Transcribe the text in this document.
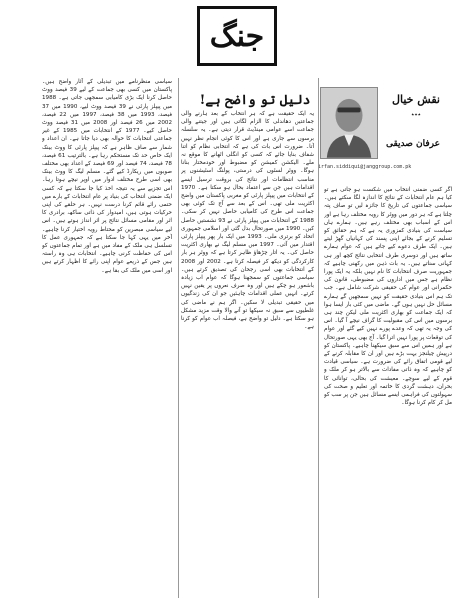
جنگ
دلیل تو واضح ہے!	نقش خیال
٭٭٭
عرفان صدیقی
irfan.siddiqui@janggroup.com.pk
اگر کسی ضمنی انتخاب میں شکست ہو جاتی ہے تو کیا ہم عام انتخابات کے نتائج کا اندازہ لگا سکتے ہیں۔ سیاسی جماعتوں کی تاریخ کا جائزہ لیں تو صاف پتہ چلتا ہے کہ ہر دور میں ووٹر کا رویہ مختلف رہا ہے اور اس کے اسباب بھی مختلف رہے ہیں۔ ہمارے ہاں سیاست کی بنیادی کمزوری یہ ہے کہ ہم حقائق کو تسلیم کرنے کے بجائے اپنی پسند کی کہانیاں گھڑ لیتے ہیں۔ ایک طرف دعوے کیے جاتے ہیں کہ عوام ہمارے ساتھ ہیں اور دوسری طرف انتخابی نتائج کچھ اور ہی کہانی سناتے ہیں۔ یہ بات ذہن میں رکھنی چاہیے کہ جمہوریت صرف انتخابات کا نام نہیں بلکہ یہ ایک پورا نظام ہے جس میں اداروں کی مضبوطی، قانون کی حکمرانی اور عوام کی حقیقی شرکت شامل ہے۔ جب تک ہم اس بنیادی حقیقت کو نہیں سمجھیں گے ہمارے مسائل حل نہیں ہوں گے۔ ماضی میں کئی بار ایسا ہوا کہ ایک جماعت کو بھاری اکثریت ملی لیکن چند ہی برسوں میں اس کی مقبولیت کا گراف نیچے آ گیا۔ اس کی وجہ یہ تھی کہ وعدے پورے نہیں کیے گئے اور عوام کی توقعات پر پورا نہیں اترا گیا۔ آج بھی یہی صورتحال ہے اور ہمیں اس سے سبق سیکھنا چاہیے۔ پاکستان کو درپیش چیلنجز بہت بڑے ہیں اور ان کا مقابلہ کرنے کے لیے قومی اتفاق رائے کی ضرورت ہے۔ سیاسی قیادت کو چاہیے کہ وہ ذاتی مفادات سے بالاتر ہو کر ملک و قوم کے لیے سوچے۔ معیشت کی بحالی، توانائی کا بحران، دہشت گردی کا خاتمہ اور تعلیم و صحت کی سہولتوں کی فراہمی ایسے مسائل ہیں جن پر سب کو مل کر کام کرنا ہوگا۔
یہ ایک حقیقت ہے کہ ہر انتخاب کے بعد ہارنے والی جماعتیں دھاندلی کا الزام لگاتی ہیں اور جیتنے والی جماعت اسے عوامی مینڈیٹ قرار دیتی ہے۔ یہ سلسلہ برسوں سے جاری ہے اور اس کا کوئی انجام نظر نہیں آتا۔ ضرورت اس بات کی ہے کہ انتخابی نظام کو اتنا شفاف بنایا جائے کہ کسی کو انگلی اٹھانے کا موقع نہ ملے۔ الیکشن کمیشن کو مضبوط اور خودمختار بنانا ہوگا۔ ووٹر لسٹوں کی درستی، پولنگ اسٹیشنوں پر مناسب انتظامات اور نتائج کی بروقت ترسیل ایسے اقدامات ہیں جن سے اعتماد بحال ہو سکتا ہے۔ 1970 کے انتخابات میں پیپلز پارٹی کو مغربی پاکستان میں واضح اکثریت ملی تھی۔ اس کے بعد سے آج تک کوئی بھی جماعت اس طرح کی کامیابی حاصل نہیں کر سکی۔ 1988 کے انتخابات میں پیپلز پارٹی نے 93 نشستیں حاصل کیں۔ 1990 میں صورتحال بدل گئی اور اسلامی جمہوری اتحاد کو برتری ملی۔ 1993 میں ایک بار پھر پیپلز پارٹی اقتدار میں آئی۔ 1997 میں مسلم لیگ نے بھاری اکثریت حاصل کی۔ یہ اتار چڑھاؤ ظاہر کرتا ہے کہ ووٹر ہر بار کارکردگی کو دیکھ کر فیصلہ کرتا ہے۔ 2002 اور 2008 کے انتخابات بھی اسی رجحان کی تصدیق کرتے ہیں۔ سیاسی جماعتوں کو سمجھنا ہوگا کہ عوام اب زیادہ باشعور ہو چکے ہیں اور وہ صرف نعروں پر یقین نہیں کرتے۔ انہیں عملی اقدامات چاہئیں جو ان کی زندگیوں میں حقیقی تبدیلی لا سکیں۔ اگر ہم نے ماضی کی غلطیوں سے سبق نہ سیکھا تو آنے والا وقت مزید مشکل ہو سکتا ہے۔ دلیل تو واضح ہے، فیصلہ اب عوام کو کرنا ہے۔
سیاسی منظرنامے میں تبدیلی کے آثار واضح ہیں۔ پاکستان میں کسی بھی جماعت کے لیے 39 فیصد ووٹ حاصل کرنا ایک بڑی کامیابی سمجھی جاتی ہے۔ 1988 میں پیپلز پارٹی نے 39 فیصد ووٹ لیے، 1990 میں 37 فیصد، 1993 میں 38 فیصد، 1997 میں 22 فیصد، 2002 میں 26 فیصد اور 2008 میں 31 فیصد ووٹ حاصل کیے۔ 1977 کے انتخابات میں 1985 کے غیر جماعتی انتخابات کا حوالہ بھی دیا جاتا ہے۔ ان اعداد و شمار سے صاف ظاہر ہے کہ پیپلز پارٹی کا ووٹ بینک ایک خاص حد تک مستحکم رہا ہے۔ بالترتیب 61 فیصد، 78 فیصد، 74 فیصد اور 69 فیصد کے اعداد بھی مختلف صوبوں میں ریکارڈ کیے گئے۔ مسلم لیگ کا ووٹ بینک بھی اسی طرح مختلف ادوار میں اوپر نیچے ہوتا رہا۔ اس تجزیے سے یہ نتیجہ اخذ کیا جا سکتا ہے کہ کسی ایک ضمنی انتخاب کی بنیاد پر عام انتخابات کے بارے میں حتمی رائے قائم کرنا درست نہیں۔ ہر حلقے کی اپنی حرکیات ہوتی ہیں، امیدوار کی ذاتی ساکھ، برادری کا اثر اور مقامی مسائل نتائج پر اثر انداز ہوتے ہیں۔ اس لیے سیاسی مبصرین کو محتاط رویہ اختیار کرنا چاہیے۔ آخر میں یہی کہا جا سکتا ہے کہ جمہوری عمل کا تسلسل ہی ملک کے مفاد میں ہے اور تمام جماعتوں کو اس کی حفاظت کرنی چاہیے۔ انتخابات ہی وہ راستہ ہیں جس کے ذریعے عوام اپنی رائے کا اظہار کرتے ہیں اور اسی میں ملک کی بقا ہے۔
